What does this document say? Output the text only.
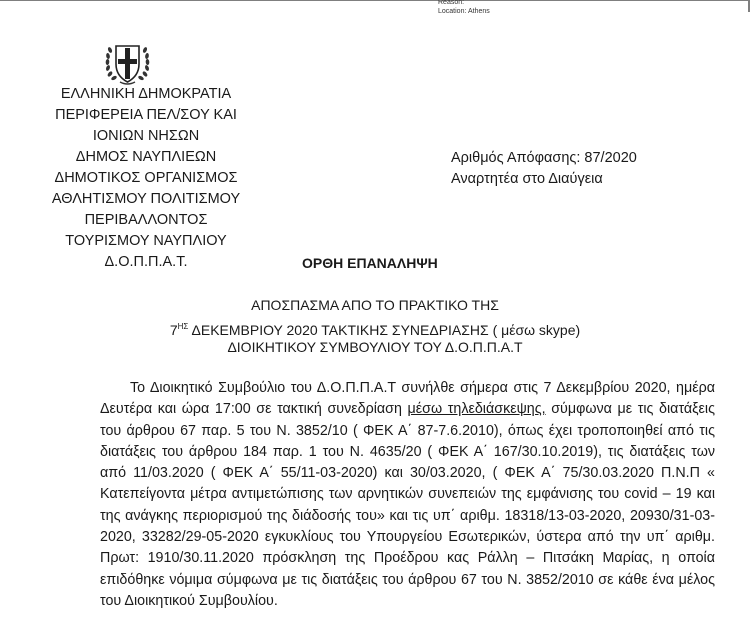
Reason:
Location: Athens
ΕΛΛΗΝΙΚΗ ΔΗΜΟΚΡΑΤΙΑ
ΠΕΡΙΦΕΡΕΙΑ ΠΕΛ/ΣΟΥ ΚΑΙ
ΙΟΝΙΩΝ ΝΗΣΩΝ
ΔΗΜΟΣ ΝΑΥΠΛΙΕΩΝ
ΔΗΜΟΤΙΚΟΣ ΟΡΓΑΝΙΣΜΟΣ
ΑΘΛΗΤΙΣΜΟΥ ΠΟΛΙΤΙΣΜΟΥ
ΠΕΡΙΒΑΛΛΟΝΤΟΣ
ΤΟΥΡΙΣΜΟΥ ΝΑΥΠΛΙΟΥ
Δ.Ο.Π.Π.Α.Τ.
Αριθμός Απόφασης: 87/2020
Αναρτητέα στο Διαύγεια
ΟΡΘΗ ΕΠΑΝΑΛΗΨΗ
ΑΠΟΣΠΑΣΜΑ ΑΠΟ ΤΟ ΠΡΑΚΤΙΚΟ ΤΗΣ
$7^{H\Sigma}$ ΔΕΚΕΜΒΡΙΟΥ 2020 ΤΑΚΤΙΚΗΣ ΣΥΝΕΔΡΙΑΣΗΣ ( μέσω skype)
ΔΙΟΙΚΗΤΙΚΟΥ ΣΥΜΒΟΥΛΙΟΥ ΤΟΥ Δ.Ο.Π.Π.Α.Τ
Το Διοικητικό Συμβούλιο του Δ.Ο.Π.Π.Α.Τ συνήλθε σήμερα στις 7 Δεκεμβρίου 2020, ημέρα Δευτέρα και ώρα 17:00 σε τακτική συνεδρίαση μέσω τηλεδιάσκεψης, σύμφωνα με τις διατάξεις του άρθρου 67 παρ. 5 του Ν. 3852/10 ( ΦΕΚ Α΄ 87-7.6.2010), όπως έχει τροποποιηθεί από τις διατάξεις του άρθρου 184 παρ. 1 του Ν. 4635/20 ( ΦΕΚ Α΄ 167/30.10.2019), τις διατάξεις των από 11/03.2020 ( ΦΕΚ Α΄ 55/11-03-2020) και 30/03.2020, ( ΦΕΚ Α΄ 75/30.03.2020 Π.Ν.Π « Κατεπείγοντα μέτρα αντιμετώπισης των αρνητικών συνεπειών της εμφάνισης του covid – 19 και της ανάγκης περιορισμού της διάδοσής του» και τις υπ΄ αριθμ. 18318/13-03-2020, 20930/31-03-2020, 33282/29-05-2020 εγκυκλίους του Υπουργείου Εσωτερικών, ύστερα από την υπ΄ αριθμ. Πρωτ: 1910/30.11.2020 πρόσκληση της Προέδρου κας Ράλλη – Πιτσάκη Μαρίας, η οποία επιδόθηκε νόμιμα σύμφωνα με τις διατάξεις του άρθρου 67 του Ν. 3852/2010 σε κάθε ένα μέλος του Διοικητικού Συμβουλίου.
